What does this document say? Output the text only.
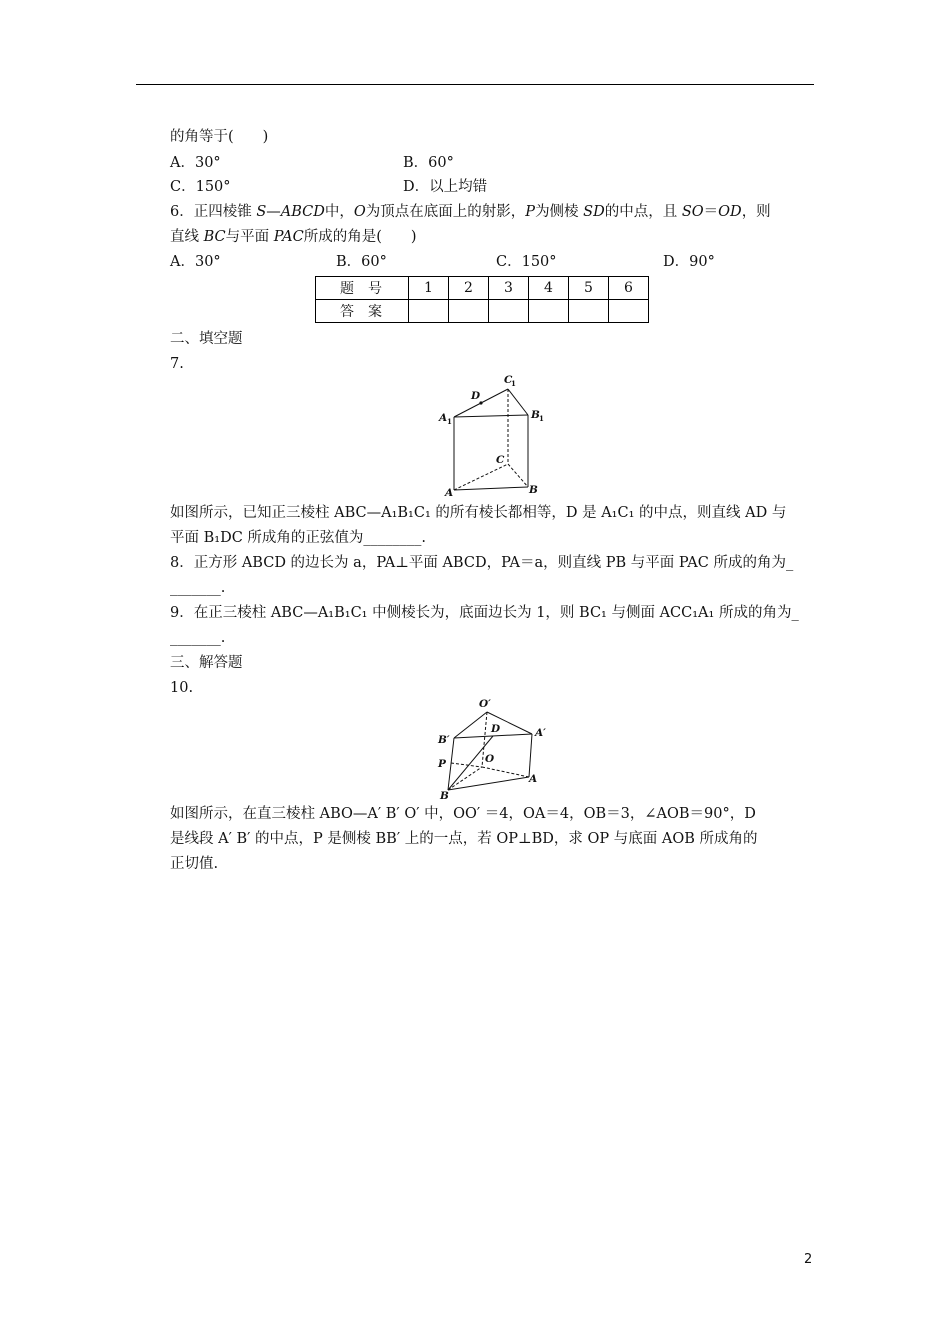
的角等于(　　)
A．30°	B．60°
C．150°	D．以上均错
6．正四棱锥 S—ABCD中，O为顶点在底面上的射影，P为侧棱 SD的中点，且 SO＝OD，则
直线 BC与平面 PAC所成的角是(　　)
A．30°	B．60°	C．150°	D．90°
题号	1	2	3	4	5	6
答案						
二、填空题
7.
C
1
D
A 1
B 1
C
A	B
如图所示，已知正三棱柱 ABC—A₁B₁C₁ 的所有棱长都相等，D 是 A₁C₁ 的中点，则直线 AD 与
平面 B₁DC 所成角的正弦值为________.
8．正方形 ABCD 的边长为 a，PA⊥平面 ABCD，PA＝a，则直线 PB 与平面 PAC 所成的角为_
_______.
9．在正三棱柱 ABC—A₁B₁C₁ 中侧棱长为，底面边长为 1，则 BC₁ 与侧面 ACC₁A₁ 所成的角为_
_______.
三、解答题
10.
O′
D	A′
B′
O
P
A
B
如图所示，在直三棱柱 ABO—A′ B′ O′ 中，OO′ ＝4，OA＝4，OB＝3，∠AOB＝90°，D
是线段 A′ B′ 的中点，P 是侧棱 BB′ 上的一点，若 OP⊥BD，求 OP 与底面 AOB 所成角的
正切值.
2
